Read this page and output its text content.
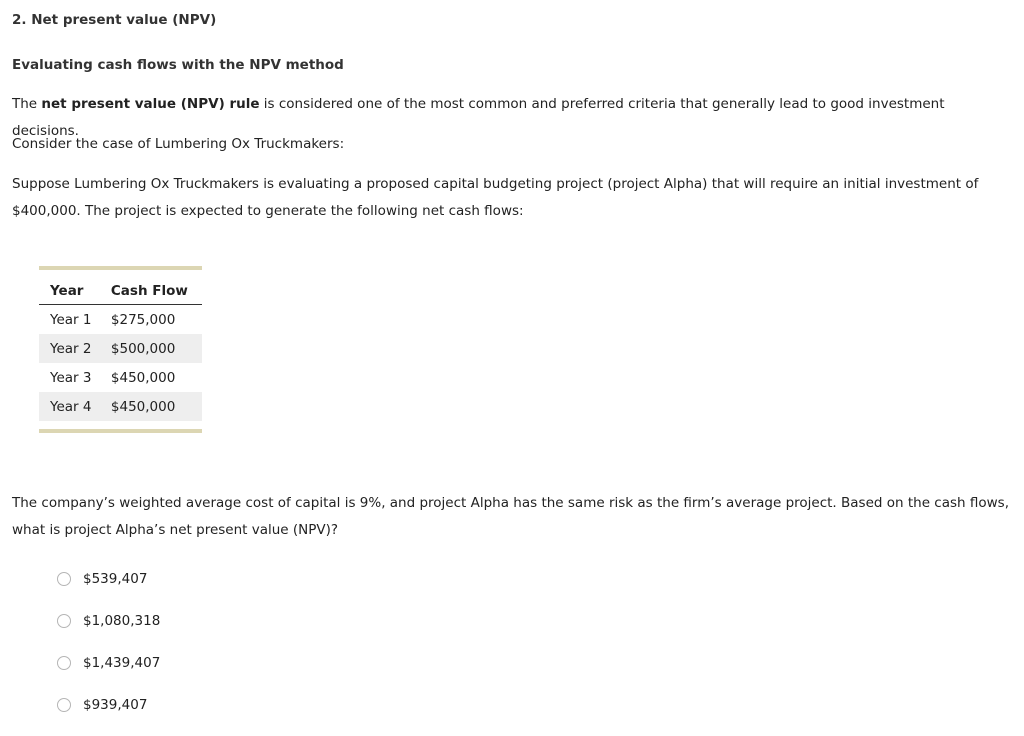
2. Net present value (NPV)
Evaluating cash flows with the NPV method
The net present value (NPV) rule is considered one of the most common and preferred criteria that generally lead to good investment decisions.
Consider the case of Lumbering Ox Truckmakers:
Suppose Lumbering Ox Truckmakers is evaluating a proposed capital budgeting project (project Alpha) that will require an initial investment of $400,000. The project is expected to generate the following net cash flows:
Year	Cash Flow
Year 1	$275,000
Year 2	$500,000
Year 3	$450,000
Year 4	$450,000
The company’s weighted average cost of capital is 9%, and project Alpha has the same risk as the firm’s average project. Based on the cash flows, what is project Alpha’s net present value (NPV)?
$539,407
$1,080,318
$1,439,407
$939,407
